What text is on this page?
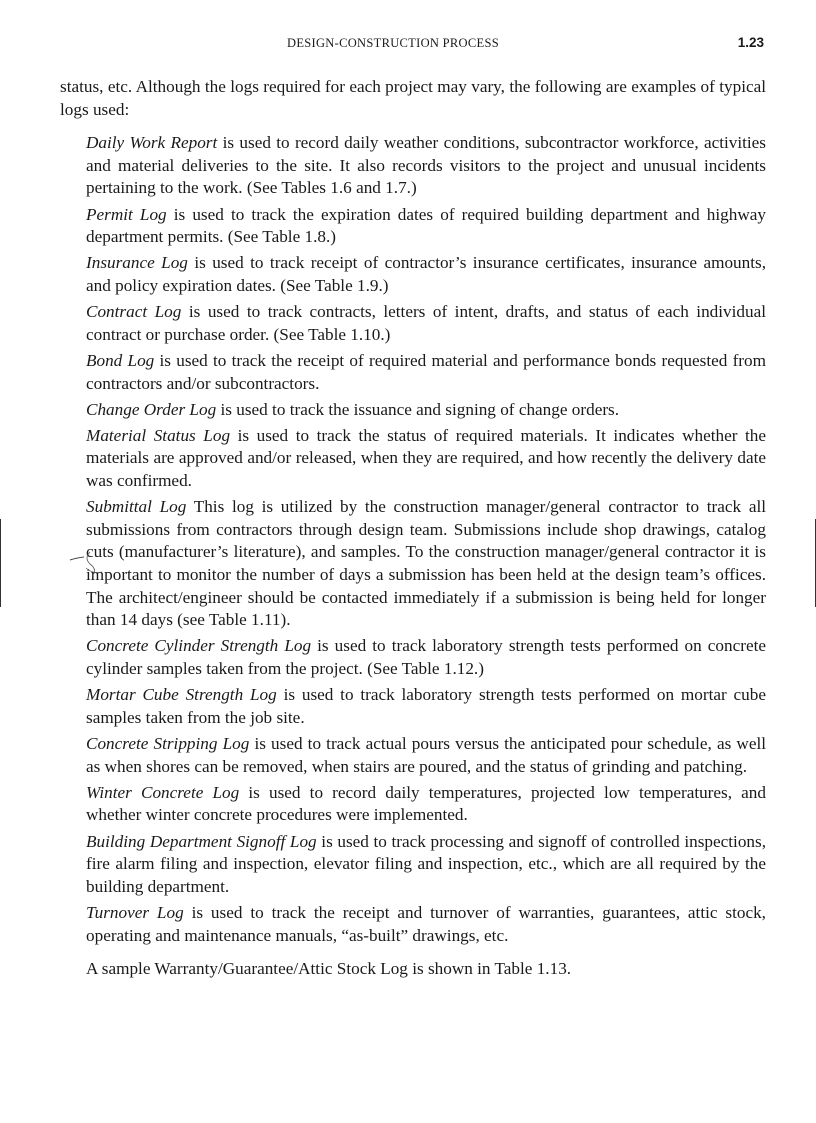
DESIGN-CONSTRUCTION PROCESS	1.23

status, etc. Although the logs required for each project may vary, the following are examples of typical logs used:

Daily Work Report is used to record daily weather conditions, subcontractor workforce, activities and material deliveries to the site. It also records visitors to the project and unusual incidents pertaining to the work. (See Tables 1.6 and 1.7.)

Permit Log is used to track the expiration dates of required building department and highway department permits. (See Table 1.8.)

Insurance Log is used to track receipt of contractor’s insurance certificates, insurance amounts, and policy expiration dates. (See Table 1.9.)

Contract Log is used to track contracts, letters of intent, drafts, and status of each individual contract or purchase order. (See Table 1.10.)

Bond Log is used to track the receipt of required material and performance bonds requested from contractors and/or subcontractors.

Change Order Log is used to track the issuance and signing of change orders.

Material Status Log is used to track the status of required materials. It indicates whether the materials are approved and/or released, when they are required, and how recently the delivery date was confirmed.

Submittal Log This log is utilized by the construction manager/general contractor to track all submissions from contractors through design team. Submissions include shop drawings, catalog cuts (manufacturer’s literature), and samples. To the construction manager/general contractor it is important to monitor the number of days a submission has been held at the design team’s offices. The architect/engineer should be contacted immediately if a submission is being held for longer than 14 days (see Table 1.11).

Concrete Cylinder Strength Log is used to track laboratory strength tests performed on concrete cylinder samples taken from the project. (See Table 1.12.)

Mortar Cube Strength Log is used to track laboratory strength tests performed on mortar cube samples taken from the job site.

Concrete Stripping Log is used to track actual pours versus the anticipated pour schedule, as well as when shores can be removed, when stairs are poured, and the status of grinding and patching.

Winter Concrete Log is used to record daily temperatures, projected low temperatures, and whether winter concrete procedures were implemented.

Building Department Signoff Log is used to track processing and signoff of controlled inspections, fire alarm filing and inspection, elevator filing and inspection, etc., which are all required by the building department.

Turnover Log is used to track the receipt and turnover of warranties, guarantees, attic stock, operating and maintenance manuals, “as-built” drawings, etc.

A sample Warranty/Guarantee/Attic Stock Log is shown in Table 1.13.
